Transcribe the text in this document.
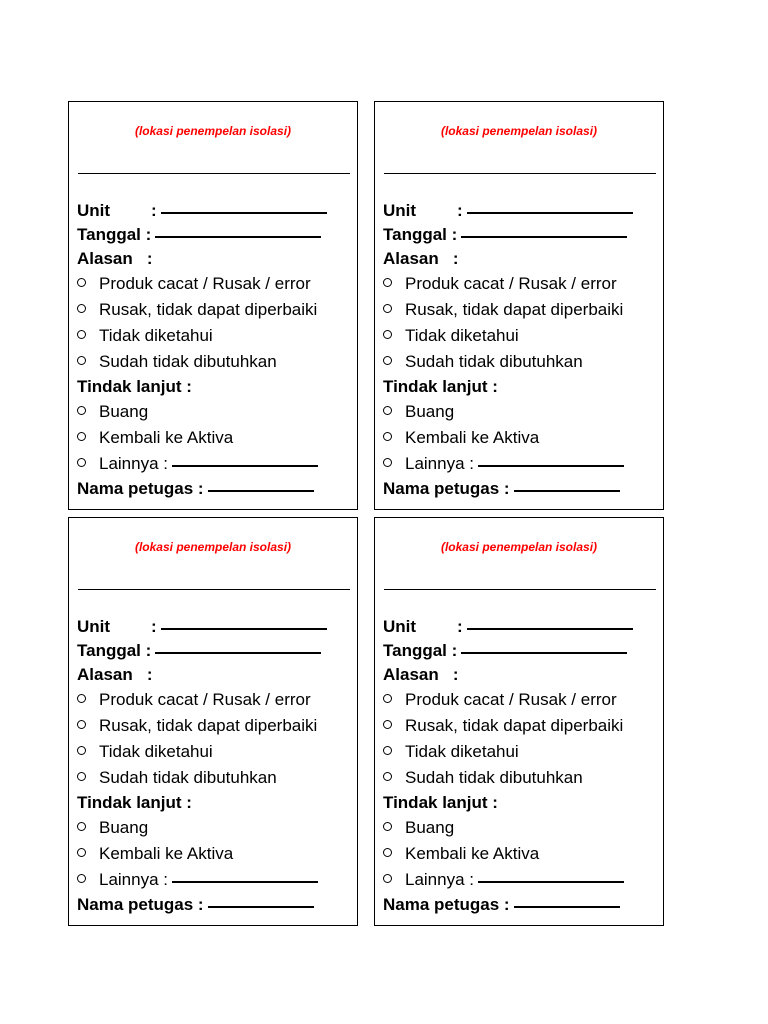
(lokasi penempelan isolasi)
Unit :
Tanggal :
Alasan   :
Produk cacat / Rusak / error
Rusak, tidak dapat diperbaiki
Tidak diketahui
Sudah tidak dibutuhkan
Tindak lanjut :
Buang
Kembali ke Aktiva
Lainnya :
Nama petugas :
(lokasi penempelan isolasi)
Unit :
Tanggal :
Alasan   :
Produk cacat / Rusak / error
Rusak, tidak dapat diperbaiki
Tidak diketahui
Sudah tidak dibutuhkan
Tindak lanjut :
Buang
Kembali ke Aktiva
Lainnya :
Nama petugas :
(lokasi penempelan isolasi)
Unit :
Tanggal :
Alasan   :
Produk cacat / Rusak / error
Rusak, tidak dapat diperbaiki
Tidak diketahui
Sudah tidak dibutuhkan
Tindak lanjut :
Buang
Kembali ke Aktiva
Lainnya :
Nama petugas :
(lokasi penempelan isolasi)
Unit :
Tanggal :
Alasan   :
Produk cacat / Rusak / error
Rusak, tidak dapat diperbaiki
Tidak diketahui
Sudah tidak dibutuhkan
Tindak lanjut :
Buang
Kembali ke Aktiva
Lainnya :
Nama petugas :
